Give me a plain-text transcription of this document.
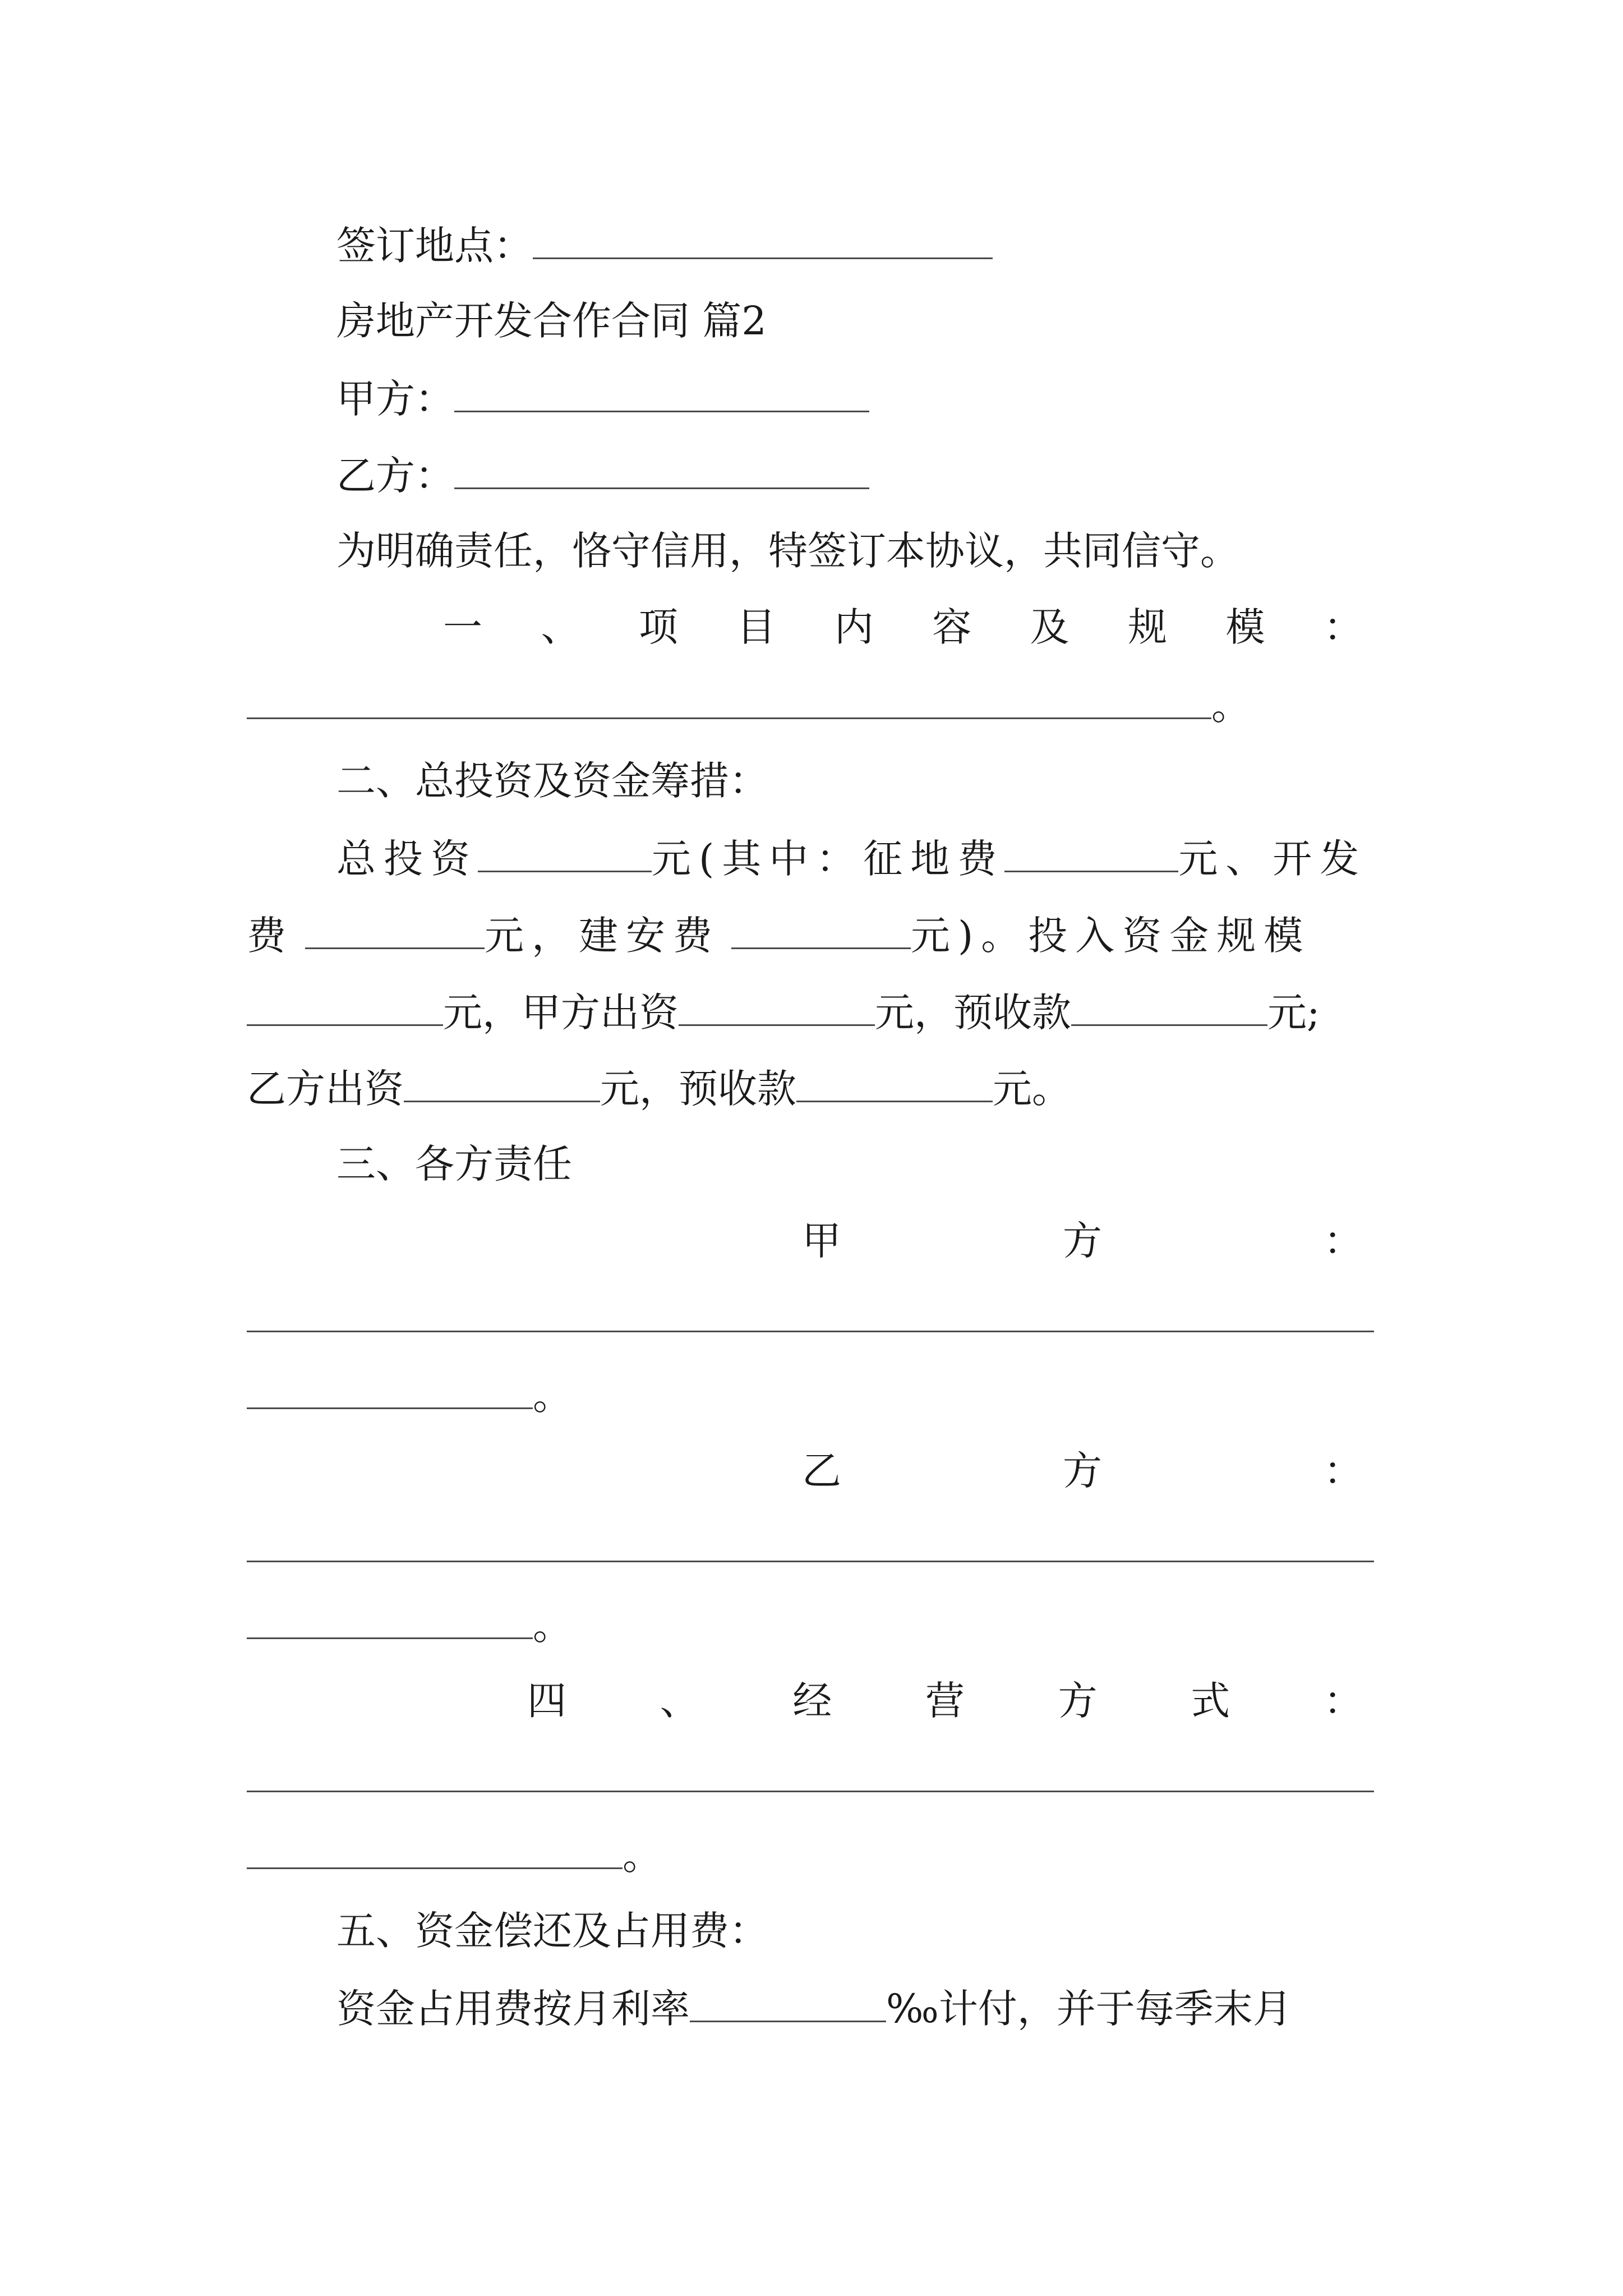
签订地点：
房地产开发合作合同 篇2
甲方：
乙方：
为明确责任，恪守信用，特签订本协议，共同信守。
一 、 项 目 内 容 及 规 模 ：
。
二、总投资及资金筹措：
总投资	元(其中：征地费	元、开发
费	元，建安费	元)。投入资金规模
元，甲方出资	元，预收款	元;
乙方出资	元，预收款	元。
三、各方责任
甲	方	：
。
乙	方	：
。
四 、 经 营 方 式 ：
。
五、资金偿还及占用费：
资金占用费按月利率	‰计付，并于每季末月
